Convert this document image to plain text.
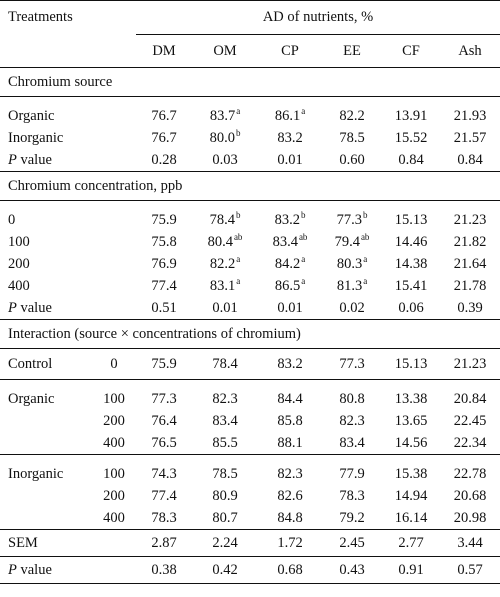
Treatments		AD of nutrients, %					
		DM	OM	CP	EE	CF	Ash
Chromium source							

Organic		76.7	83.7$^a$	86.1$^a$	82.2	13.91	21.93
Inorganic		76.7	80.0$^b$	83.2	78.5	15.52	21.57
P value		0.28	0.03	0.01	0.60	0.84	0.84
Chromium concentration, ppb							

0		75.9	78.4$^b$	83.2$^b$	77.3$^b$	15.13	21.23
100		75.8	80.4$^{ab}$	83.4$^{ab}$	79.4$^{ab}$	14.46	21.82
200		76.9	82.2$^a$	84.2$^a$	80.3$^a$	14.38	21.64
400		77.4	83.1$^a$	86.5$^a$	81.3$^a$	15.41	21.78
P value		0.51	0.01	0.01	0.02	0.06	0.39
Interaction (source × concentrations of chromium)							
Control	0	75.9	78.4	83.2	77.3	15.13	21.23

Organic	100	77.3	82.3	84.4	80.8	13.38	20.84
	200	76.4	83.4	85.8	82.3	13.65	22.45
	400	76.5	85.5	88.1	83.4	14.56	22.34

Inorganic	100	74.3	78.5	82.3	77.9	15.38	22.78
	200	77.4	80.9	82.6	78.3	14.94	20.68
	400	78.3	80.7	84.8	79.2	16.14	20.98
SEM		2.87	2.24	1.72	2.45	2.77	3.44
P value		0.38	0.42	0.68	0.43	0.91	0.57
